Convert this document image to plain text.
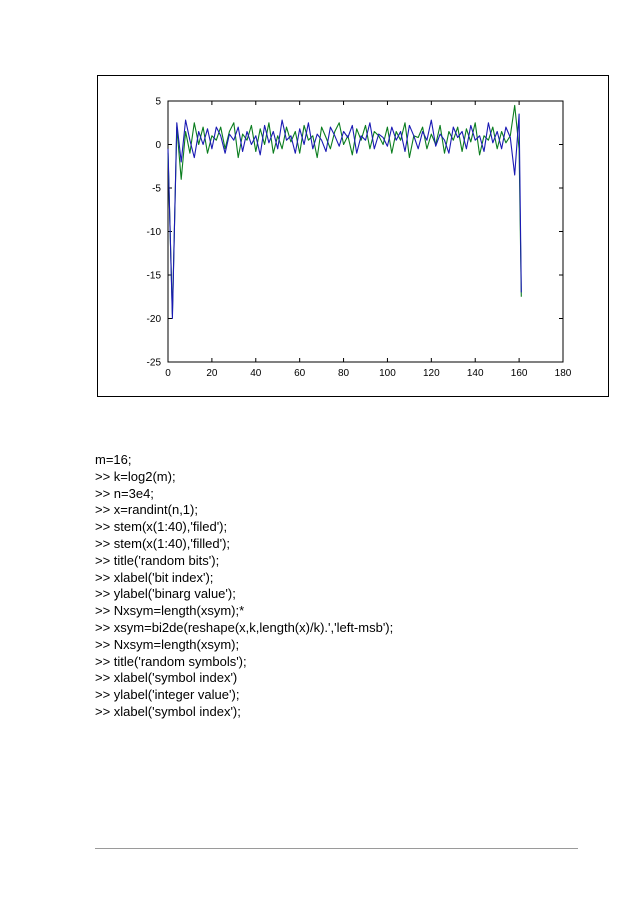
5
0
-5
-10
-15
-20
-25
0	20	40	60	80	100	120	140	160	180
m=16;
>> k=log2(m);
>> n=3e4;
>> x=randint(n,1);
>> stem(x(1:40),'filed');
>> stem(x(1:40),'filled');
>> title('random bits');
>> xlabel('bit index');
>> ylabel('binarg value');
>> Nxsym=length(xsym);*
>> xsym=bi2de(reshape(x,k,length(x)/k).','left-msb');
>> Nxsym=length(xsym);
>> title('random symbols');
>> xlabel('symbol index')
>> ylabel('integer value');
>> xlabel('symbol index');
